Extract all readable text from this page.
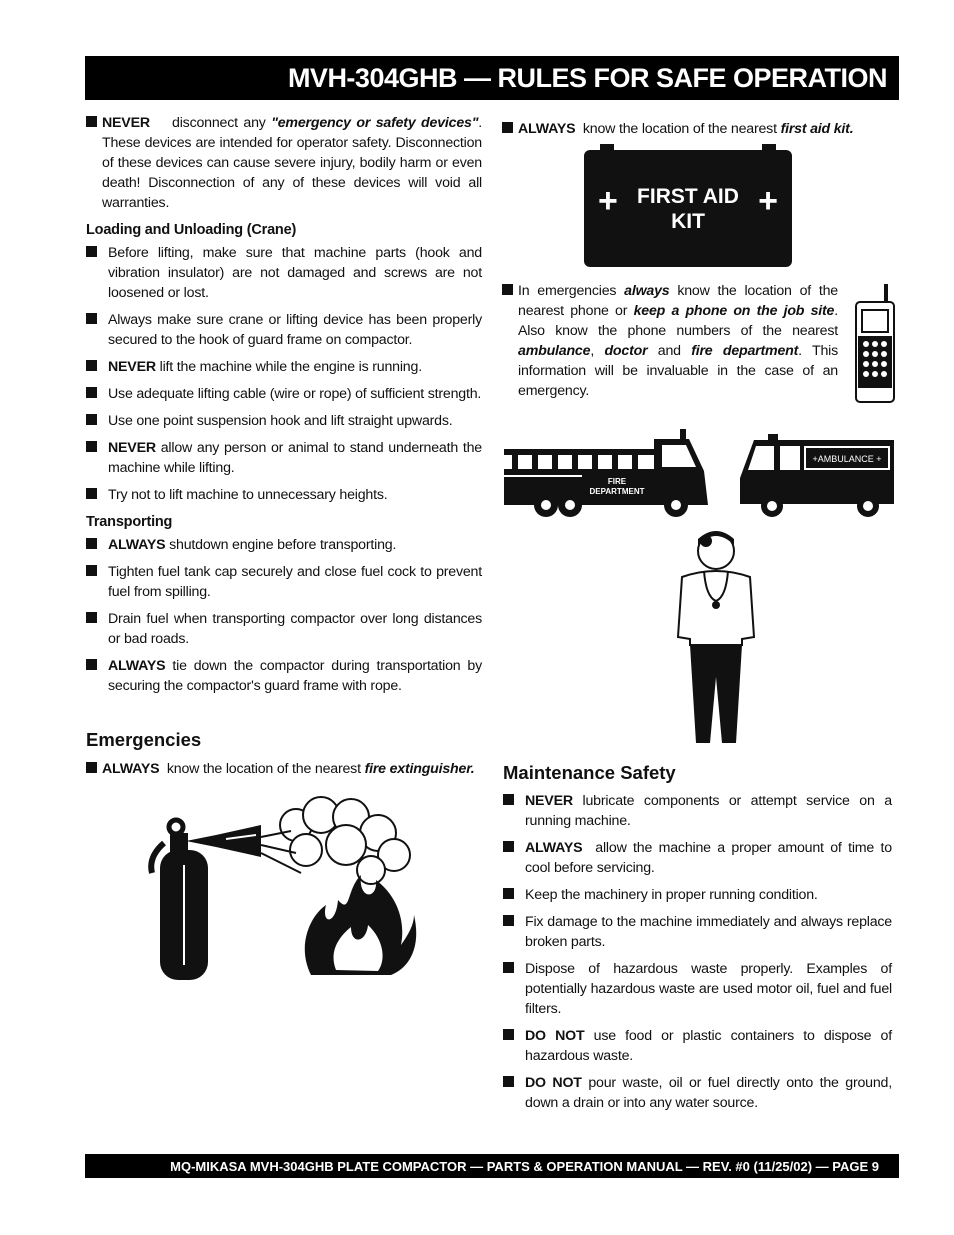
MVH-304GHB — RULES FOR SAFE OPERATION
NEVER disconnect any "emergency or safety devices". These devices are intended for operator safety. Disconnection of these devices can cause severe injury, bodily harm or even death! Disconnection of any of these devices will void all warranties.
Loading and Unloading (Crane)
Before lifting, make sure that machine parts (hook and vibration insulator) are not damaged and screws are not loosened or lost.
Always make sure crane or lifting device has been properly secured to the hook of guard frame on compactor.
NEVER lift the machine while the engine is running.
Use adequate lifting cable (wire or rope) of sufficient strength.
Use one point suspension hook and lift straight upwards.
NEVER allow any person or animal to stand underneath the machine while lifting.
Try not to lift machine to unnecessary heights.
Transporting
ALWAYS shutdown engine before transporting.
Tighten fuel tank cap securely and close fuel cock to prevent fuel from spilling.
Drain fuel when transporting compactor over long distances or bad roads.
ALWAYS tie down the compactor during transportation by securing the compactor's guard frame with rope.
Emergencies
ALWAYS know the location of the nearest fire extinguisher.
ALWAYS know the location of the nearest first aid kit.
+	+
FIRST AID
KIT
In emergencies always know the location of the nearest phone or keep a phone on the job site. Also know the phone numbers of the nearest ambulance, doctor and fire department. This information will be invaluable in the case of an emergency.
FIRE
DEPARTMENT
+AMBULANCE +
Maintenance Safety
NEVER lubricate components or attempt service on a running machine.
ALWAYS  allow the machine a proper amount of time to cool before servicing.
Keep the machinery in proper running condition.
Fix damage to the machine immediately and always replace broken parts.
Dispose of hazardous waste properly. Examples of potentially hazardous waste are used motor oil, fuel and fuel filters.
DO NOT use food or plastic containers to dispose of hazardous waste.
DO NOT pour waste, oil or fuel directly onto the ground, down a drain or into any water source.
MQ-MIKASA MVH-304GHB PLATE COMPACTOR — PARTS & OPERATION MANUAL — REV. #0 (11/25/02) — PAGE 9
